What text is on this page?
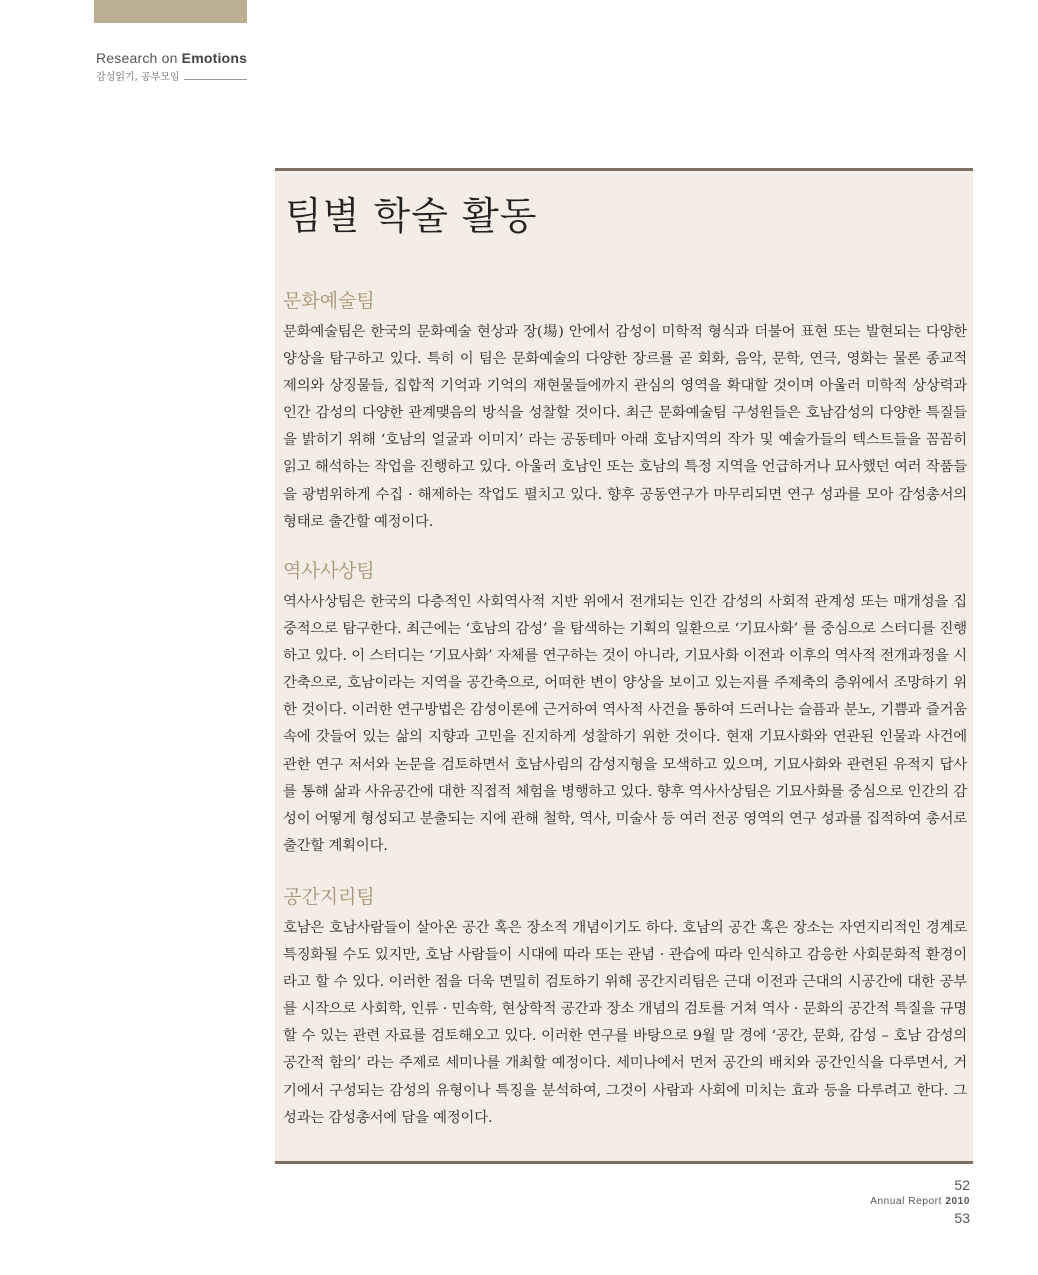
Research on Emotions
감성읽기, 공부모임
팀별 학술 활동
문화예술팀

문화예술팀은 한국의 문화예술 현상과 장(場) 안에서 감성이 미학적 형식과 더불어 표현 또는 발현되는 다양한 양상을 탐구하고 있다. 특히 이 팀은 문화예술의 다양한 장르를 곧 회화, 음악, 문학, 연극, 영화는 물론 종교적 제의와 상징물들, 집합적 기억과 기억의 재현물들에까지 관심의 영역을 확대할 것이며 아울러 미학적 상상력과 인간 감성의 다양한 관계맺음의 방식을 성찰할 것이다. 최근 문화예술팀 구성원들은 호남감성의 다양한 특질들을 밝히기 위해 ‘호남의 얼굴과 이미지’ 라는 공동테마 아래 호남지역의 작가 및 예술가들의 텍스트들을 꼼꼼히 읽고 해석하는 작업을 진행하고 있다. 아울러 호남인 또는 호남의 특정 지역을 언급하거나 묘사했던 여러 작품들을 광범위하게 수집 · 해제하는 작업도 펼치고 있다. 향후 공동연구가 마무리되면 연구 성과를 모아 감성총서의 형태로 출간할 예정이다.

역사사상팀

역사사상팀은 한국의 다층적인 사회역사적 지반 위에서 전개되는 인간 감성의 사회적 관계성 또는 매개성을 집중적으로 탐구한다. 최근에는 ‘호남의 감성’ 을 탐색하는 기획의 일환으로 ‘기묘사화’ 를 중심으로 스터디를 진행하고 있다. 이 스터디는 ‘기묘사화’ 자체를 연구하는 것이 아니라, 기묘사화 이전과 이후의 역사적 전개과정을 시간축으로, 호남이라는 지역을 공간축으로, 어떠한 변이 양상을 보이고 있는지를 주제축의 층위에서 조망하기 위한 것이다. 이러한 연구방법은 감성이론에 근거하여 역사적 사건을 통하여 드러나는 슬픔과 분노, 기쁨과 즐거움 속에 갓들어 있는 삶의 지향과 고민을 진지하게 성찰하기 위한 것이다. 현재 기묘사화와 연관된 인물과 사건에 관한 연구 저서와 논문을 검토하면서 호남사림의 감성지형을 모색하고 있으며, 기묘사화와 관련된 유적지 답사를 통해 삶과 사유공간에 대한 직접적 체험을 병행하고 있다. 향후 역사사상팀은 기묘사화를 중심으로 인간의 감성이 어떻게 형성되고 분출되는 지에 관해 철학, 역사, 미술사 등 여러 전공 영역의 연구 성과를 집적하여 총서로 출간할 계획이다.

공간지리팀

호남은 호남사람들이 살아온 공간 혹은 장소적 개념이기도 하다. 호남의 공간 혹은 장소는 자연지리적인 경계로 특징화될 수도 있지만, 호남 사람들이 시대에 따라 또는 관념 · 관습에 따라 인식하고 감응한 사회문화적 환경이라고 할 수 있다. 이러한 점을 더욱 면밀히 검토하기 위해 공간지리팀은 근대 이전과 근대의 시공간에 대한 공부를 시작으로 사회학, 인류 · 민속학, 현상학적 공간과 장소 개념의 검토를 거쳐 역사 · 문화의 공간적 특질을 규명할 수 있는 관련 자료를 검토해오고 있다. 이러한 연구를 바탕으로 9월 말 경에 ‘공간, 문화, 감성 – 호남 감성의 공간적 함의’ 라는 주제로 세미나를 개최할 예정이다. 세미나에서 먼저 공간의 배치와 공간인식을 다루면서, 거기에서 구성되는 감성의 유형이나 특징을 분석하여, 그것이 사람과 사회에 미치는 효과 등을 다루려고 한다. 그 성과는 감성총서에 담을 예정이다.

52
Annual Report 2010
53
